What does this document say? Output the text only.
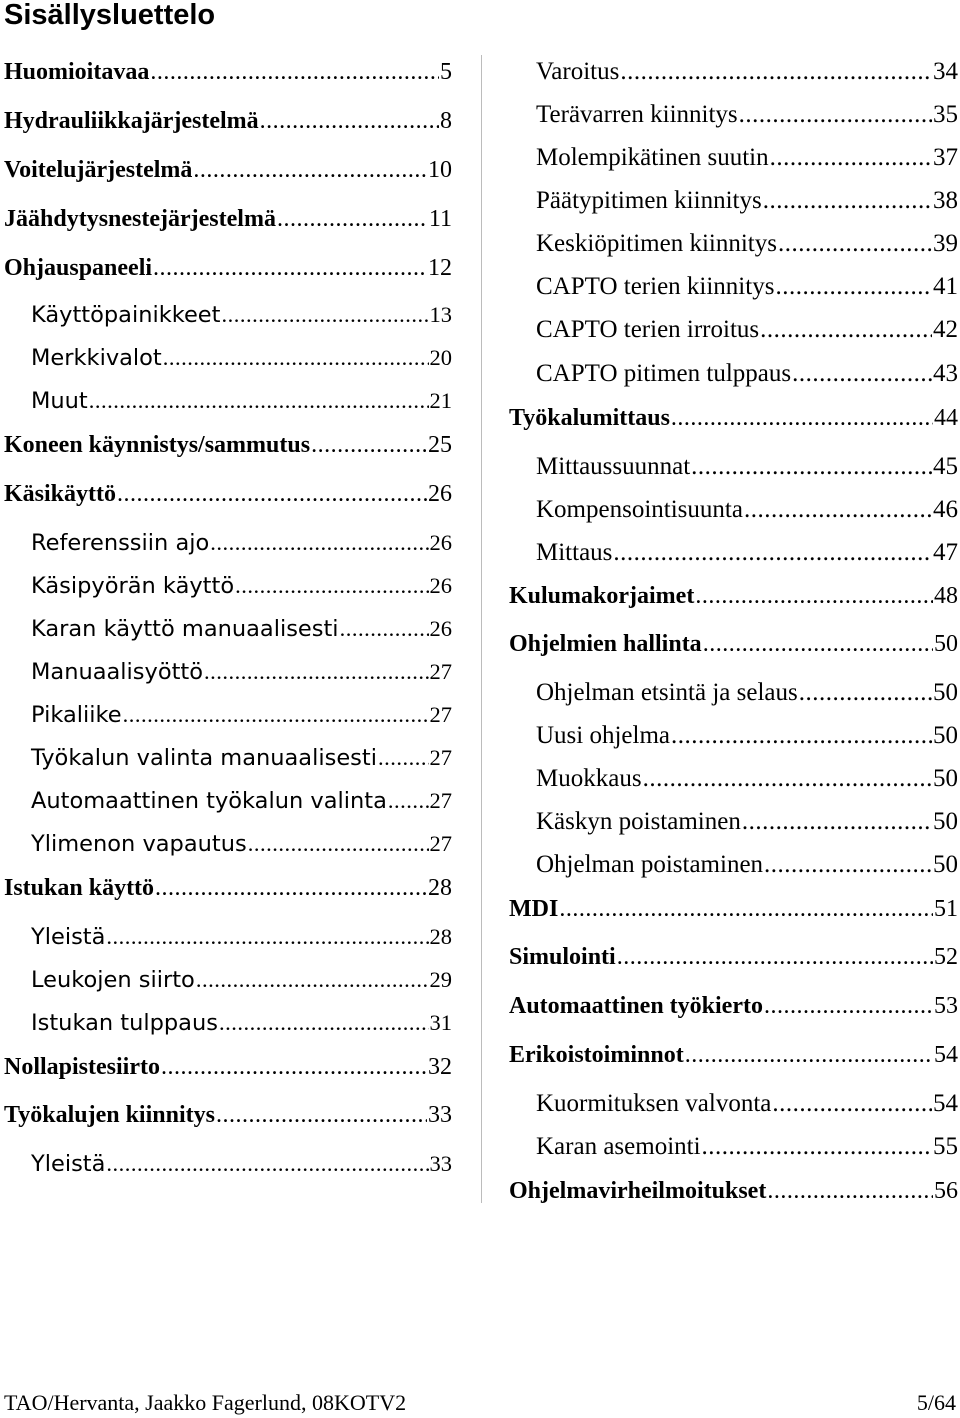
Sisällysluettelo
Huomioitavaa .....	5
Hydrauliikkajärjestelmä .....	8
Voitelujärjestelmä .....	10
Jäähdytysnestejärjestelmä .....	11
Ohjauspaneeli .....	12
Käyttöpainikkeet .....	13
Merkkivalot .....	20
Muut .....	21
Koneen käynnistys/sammutus .....	25
Käsikäyttö .....	26
Referenssiin ajo .....	26
Käsipyörän käyttö .....	26
Karan käyttö manuaalisesti .....	26
Manuaalisyöttö .....	27
Pikaliike .....	27
Työkalun valinta manuaalisesti ..... 27
Automaattinen työkalun valinta ..... 27
Ylimenon vapautus .....	27
Istukan käyttö .....	28
Yleistä .....	28
Leukojen siirto .....	29
Istukan tulppaus .....	31
Nollapistesiirto .....	32
Työkalujen kiinnitys .....	33
Yleistä .....	33
Varoitus .....	34
Terävarren kiinnitys .....	35
Molempikätinen suutin .....	37
Päätypitimen kiinnitys .....	38
Keskiöpitimen kiinnitys .....	39
CAPTO terien kiinnitys .....	41
CAPTO terien irroitus .....	42
CAPTO pitimen tulppaus .....	43
Työkalumittaus .....	44
Mittaussuunnat .....	45
Kompensointisuunta .....	46
Mittaus .....	47
Kulumakorjaimet .....	48
Ohjelmien hallinta .....	50
Ohjelman etsintä ja selaus .....	50
Uusi ohjelma .....	50
Muokkaus .....	50
Käskyn poistaminen .....	50
Ohjelman poistaminen .....	50
MDI .....	51
Simulointi .....	52
Automaattinen työkierto .....	53
Erikoistoiminnot .....	54
Kuormituksen valvonta .....	54
Karan asemointi .....	55
Ohjelmavirheilmoitukset .....	56
TAO/Hervanta, Jaakko Fagerlund, 08KOTV2	5/64
